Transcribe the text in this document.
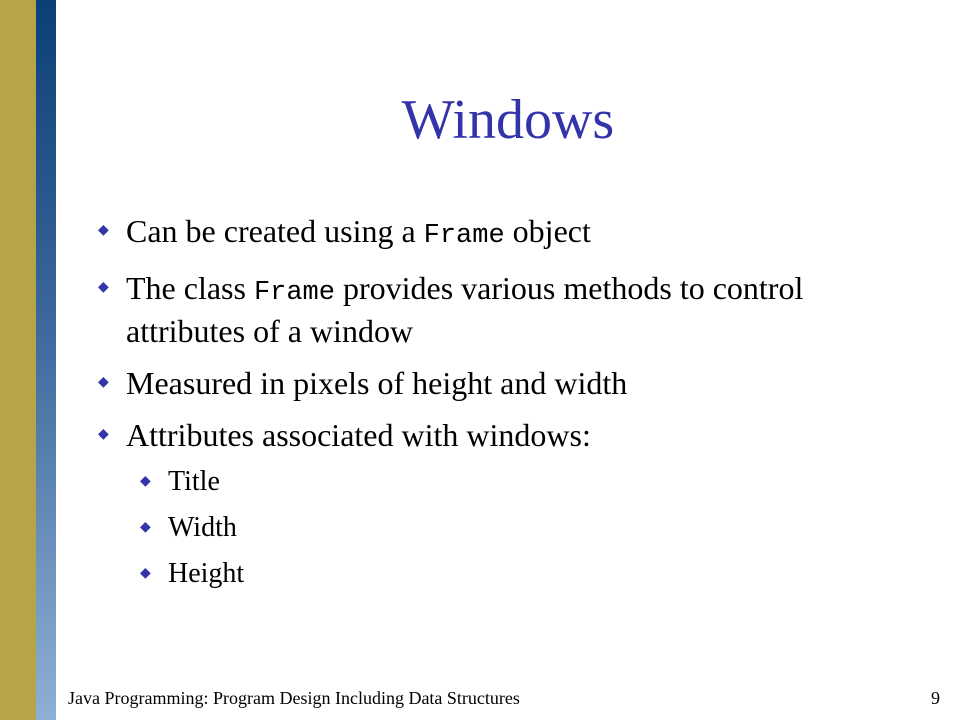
Windows
◆ Can be created using a Frame object
◆ The class Frame provides various methods to control attributes of a window
◆ Measured in pixels of height and width
◆ Attributes associated with windows:
◆ Title
◆ Width
◆ Height
Java Programming: Program Design Including Data Structures	9
